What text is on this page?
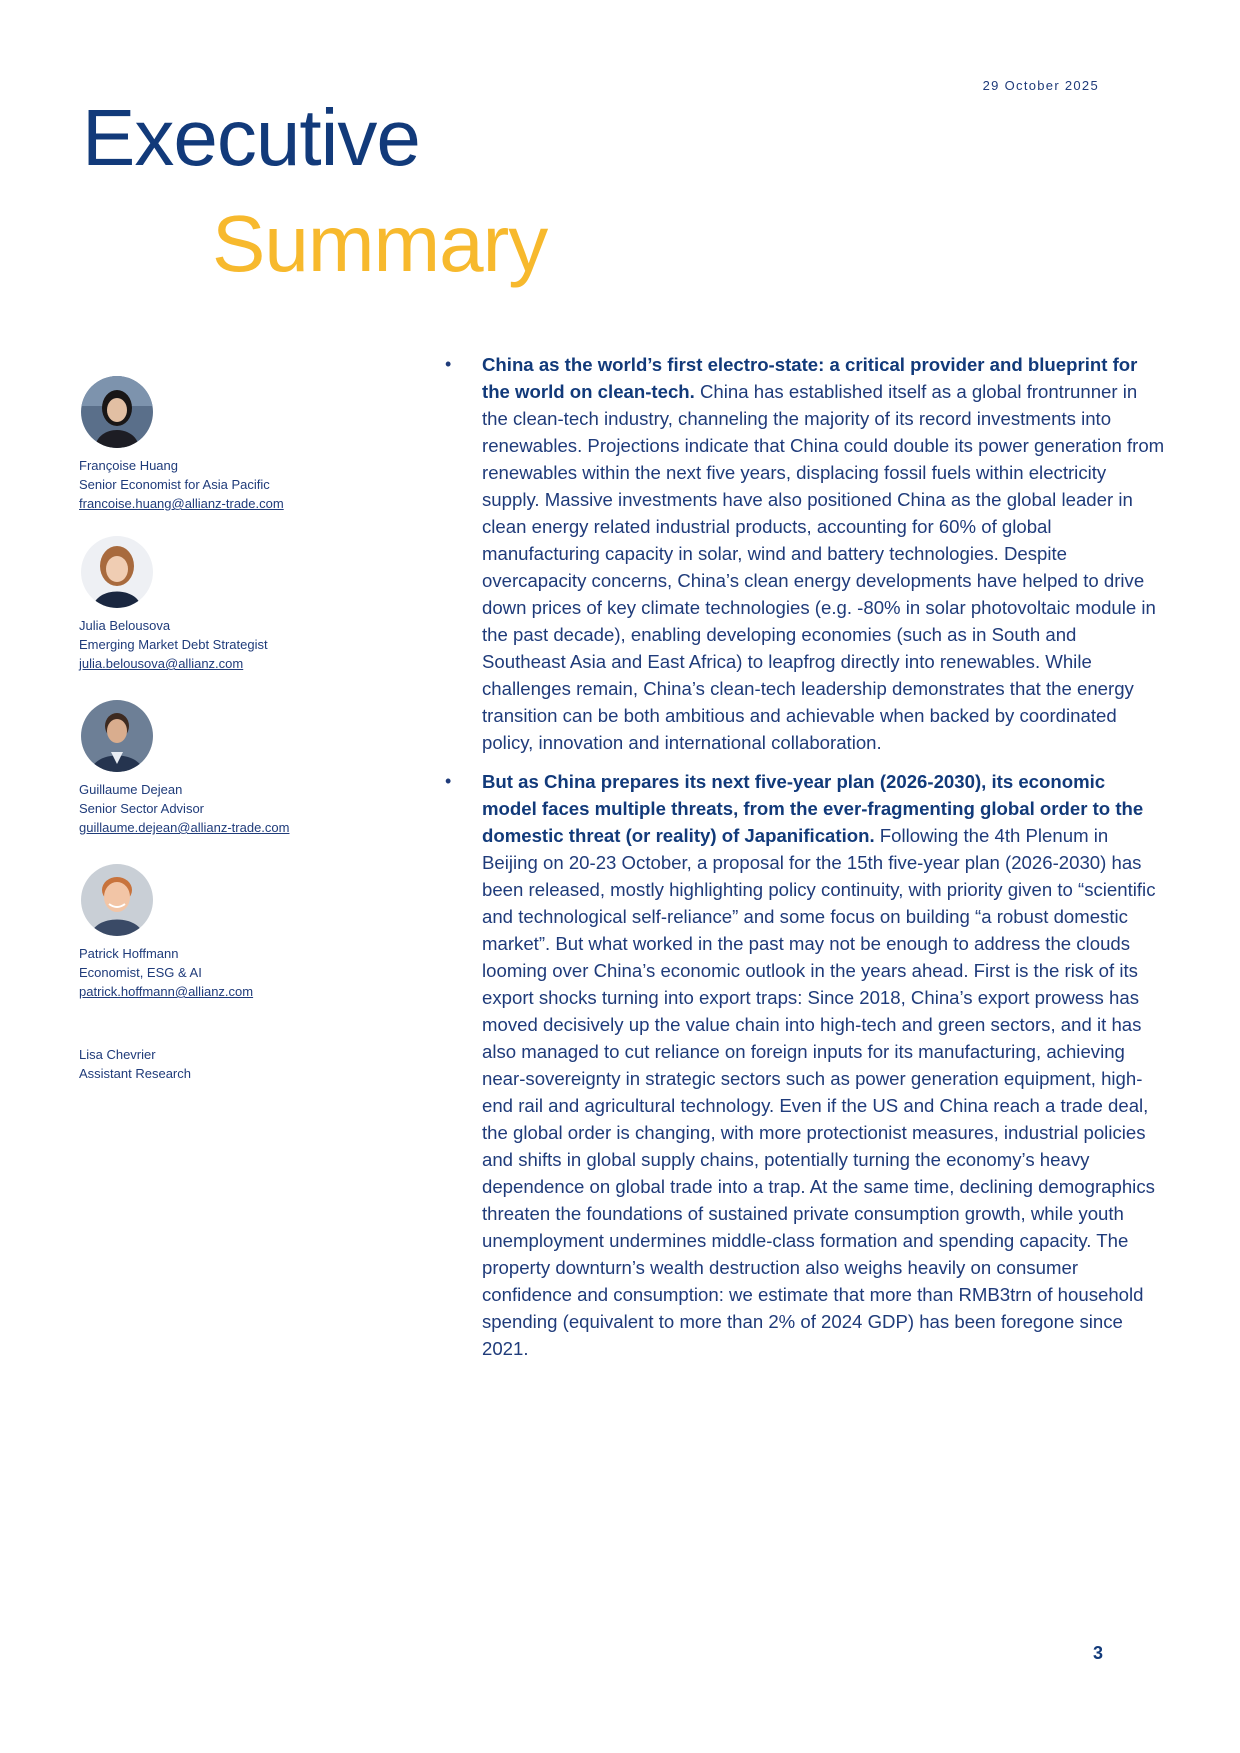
29 October 2025
Executive
Summary
Françoise Huang
Senior Economist for Asia Pacific
francoise.huang@allianz-trade.com
Julia Belousova
Emerging Market Debt Strategist
julia.belousova@allianz.com
Guillaume Dejean
Senior Sector Advisor
guillaume.dejean@allianz-trade.com
Patrick Hoffmann
Economist, ESG & AI
patrick.hoffmann@allianz.com
Lisa Chevrier
Assistant Research
• China as the world’s first electro-state: a critical provider and blueprint for the world on clean-tech. China has established itself as a global frontrunner in the clean-tech industry, channeling the majority of its record investments into renewables. Projections indicate that China could double its power generation from renewables within the next five years, displacing fossil fuels within electricity supply. Massive investments have also positioned China as the global leader in clean energy related industrial products, accounting for 60% of global manufacturing capacity in solar, wind and battery technologies. Despite overcapacity concerns, China’s clean energy developments have helped to drive down prices of key climate technologies (e.g. -80% in solar photovoltaic module in the past decade), enabling developing economies (such as in South and Southeast Asia and East Africa) to leapfrog directly into renewables. While challenges remain, China’s clean-tech leadership demonstrates that the energy transition can be both ambitious and achievable when backed by coordinated policy, innovation and international collaboration.
• But as China prepares its next five-year plan (2026-2030), its economic model faces multiple threats, from the ever-fragmenting global order to the domestic threat (or reality) of Japanification. Following the 4th Plenum in Beijing on 20-23 October, a proposal for the 15th five-year plan (2026-2030) has been released, mostly highlighting policy continuity, with priority given to “scientific and technological self-reliance” and some focus on building “a robust domestic market”. But what worked in the past may not be enough to address the clouds looming over China’s economic outlook in the years ahead. First is the risk of its export shocks turning into export traps: Since 2018, China’s export prowess has moved decisively up the value chain into high-tech and green sectors, and it has also managed to cut reliance on foreign inputs for its manufacturing, achieving near-sovereignty in strategic sectors such as power generation equipment, high-end rail and agricultural technology. Even if the US and China reach a trade deal, the global order is changing, with more protectionist measures, industrial policies and shifts in global supply chains, potentially turning the economy’s heavy dependence on global trade into a trap. At the same time, declining demographics threaten the foundations of sustained private consumption growth, while youth unemployment undermines middle-class formation and spending capacity. The property downturn’s wealth destruction also weighs heavily on consumer confidence and consumption: we estimate that more than RMB3trn of household spending (equivalent to more than 2% of 2024 GDP) has been foregone since 2021.
3
